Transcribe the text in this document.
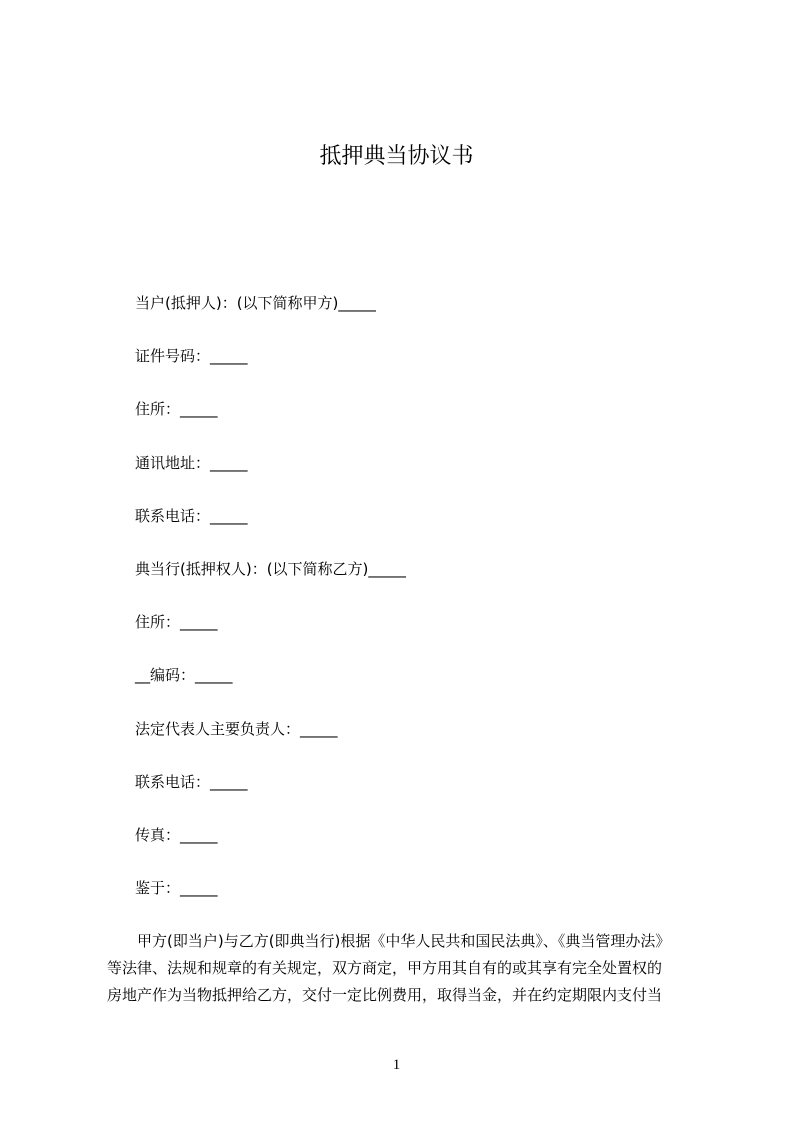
抵押典当协议书
当户(抵押人)：(以下简称甲方)_____
证件号码：_____
住所：_____
通讯地址：_____
联系电话：_____
典当行(抵押权人)：(以下简称乙方)_____
住所：_____
__编码：_____
法定代表人主要负责人：_____
联系电话：_____
传真：_____
鉴于：_____
甲方(即当户)与乙方(即典当行)根据《中华人民共和国民法典》、《典当管理办法》
等法律、法规和规章的有关规定，双方商定，甲方用其自有的或其享有完全处置权的
房地产作为当物抵押给乙方，交付一定比例费用，取得当金，并在约定期限内支付当
1
